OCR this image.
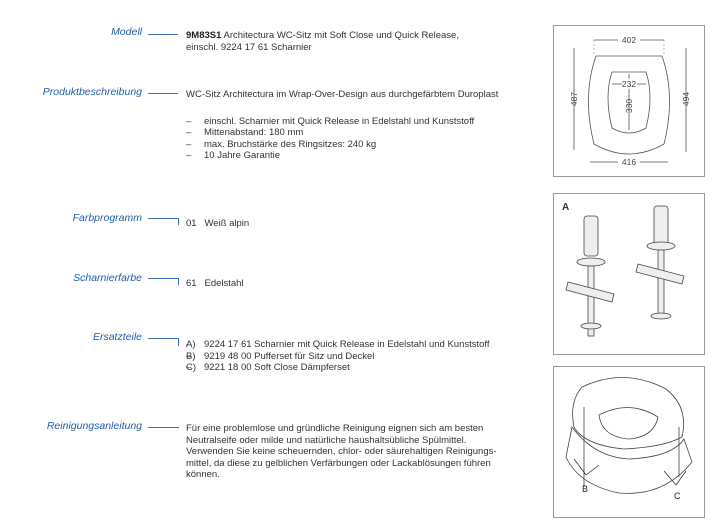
Modell	9M83S1 Architectura WC-Sitz mit Soft Close und Quick Release,
einschl. 9224 17 61 Scharnier
Produktbeschreibung	WC-Sitz Architectura im Wrap-Over-Design aus durchgefärbtem Duroplast
– einschl. Scharnier mit Quick Release in Edelstahl und Kunststoff
– Mittenabstand: 180 mm
– max. Bruchstärke des Ringsitzes: 240 kg
– 10 Jahre Garantie
Farbprogramm	01 Weiß alpin
Scharnierfarbe	61 Edelstahl
Ersatzteile
– A) 9224 17 61 Scharnier mit Quick Release in Edelstahl und Kunststoff
– B) 9219 48 00 Pufferset für Sitz und Deckel
– C) 9221 18 00 Soft Close Dämpferset
Reinigungsanleitung	Für eine problemlose und gründliche Reinigung eignen sich am besten
Neutralseife oder milde und natürliche haushaltsübliche Spülmittel.
Verwenden Sie keine scheuernden, chlor- oder säurehaltigen Reinigungs-
mittel, da diese zu gelblichen Verfärbungen oder Lackablösungen führen
können.
402
416
232
487	494
330
A
B
C
